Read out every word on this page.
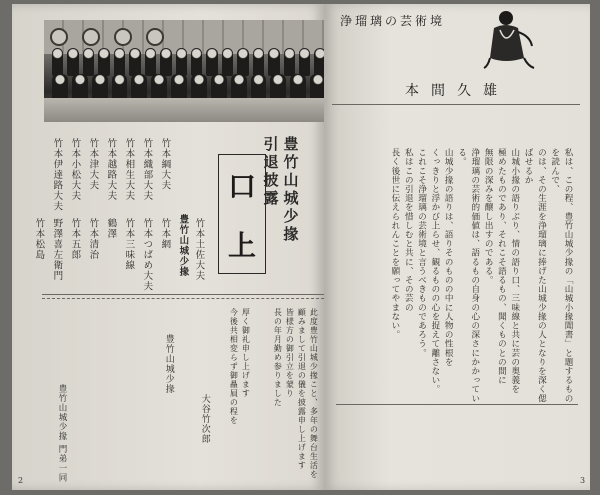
豊竹山城少掾
引退披露
口
上
竹本綱大夫
竹本織部大夫
竹本相生大夫
竹本越路大夫
竹本津大夫
竹本小松大夫
竹本伊達路大夫
竹本網
竹本つばめ大夫
竹本三味線
鶴澤
竹本清治
竹本五郎
野澤喜左衛門
竹本松島	竹本土佐大夫
豊竹山城少掾
此度豊竹山城少掾こと、多年の舞台生活を
顧みまして引退の儀を披露申し上げます
皆様方の御引立を蒙り
長の年月勤め参りました
厚く御礼申し上げます
今後共相変らず御贔屓の程を
豊竹山城少掾
大谷竹次郎
豊竹山城少掾 門弟一同
2	3
浄瑠璃の芸術境
本間久雄
私は、この程、豊竹山城少掾の「山城小掾聞書」と題するものを読んで、
のは、その生涯を浄瑠璃に捧げた山城少掾の人となりを深く偲ばせるか
山城小掾の語りぶり、情の語り口、三味線と共に芸の奥義を
極めたものであり、それこそ語るもの、聞くものとの間に
無限の深みを醸し出すのである。
浄瑠璃の芸術的価値は、語るもの自身の心の深さにかかっている。
山城少掾の語りは、語りそのものの中に人物の性根を
くっきりと浮かび上らせ、観るものの心を捉えて離さない。
これこそ浄瑠璃の芸術境と言うべきものであろう。
私はこの引退を惜しむと共に、その芸の
長く後世に伝えられんことを願ってやまない。
